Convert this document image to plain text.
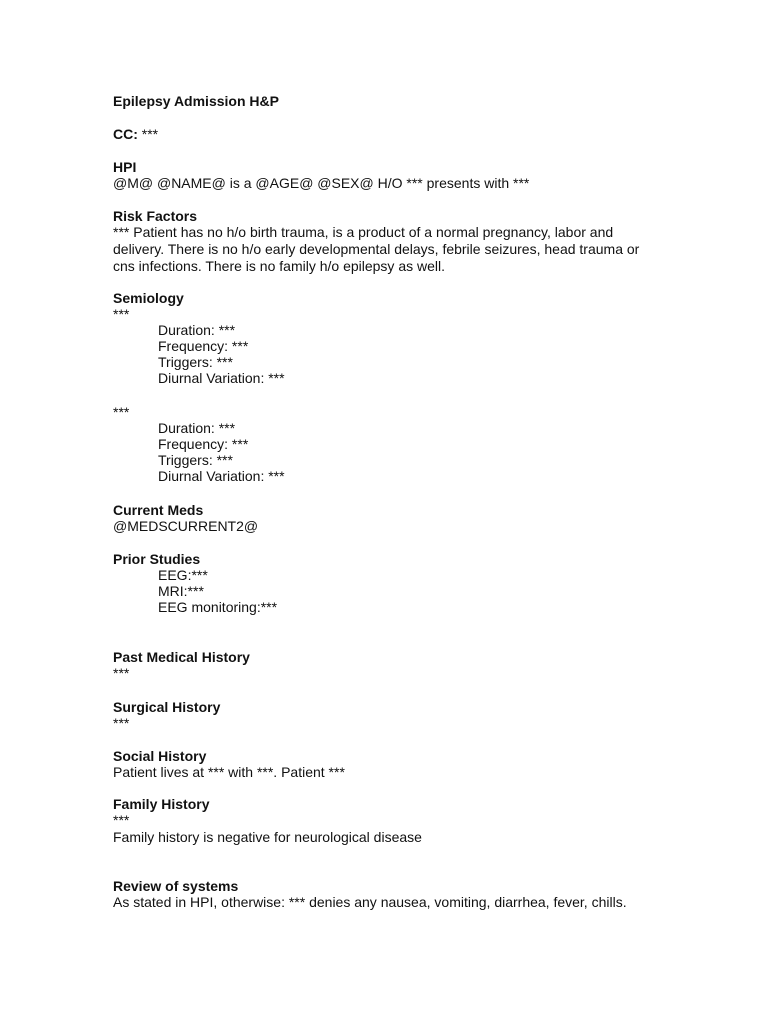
Epilepsy Admission H&P
CC: ***
HPI
@M@ @NAME@ is a @AGE@ @SEX@ H/O *** presents with ***
Risk Factors
*** Patient has no h/o birth trauma, is a product of a normal pregnancy, labor and
delivery. There is no h/o early developmental delays, febrile seizures, head trauma or
cns infections. There is no family h/o epilepsy as well.
Semiology
***
Duration: ***
Frequency: ***
Triggers: ***
Diurnal Variation: ***
***
Duration: ***
Frequency: ***
Triggers: ***
Diurnal Variation: ***
Current Meds
@MEDSCURRENT2@
Prior Studies
EEG:***
MRI:***
EEG monitoring:***
Past Medical History
***
Surgical History
***
Social History
Patient lives at *** with ***. Patient ***
Family History
***
Family history is negative for neurological disease
Review of systems
As stated in HPI, otherwise: *** denies any nausea, vomiting, diarrhea, fever, chills.
